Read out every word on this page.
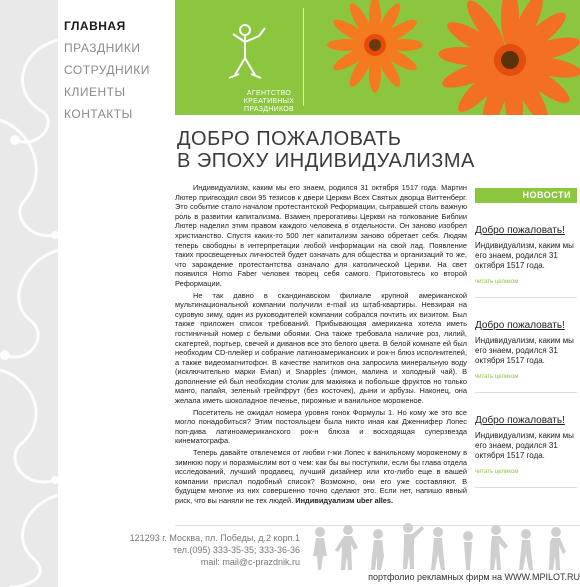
ГЛАВНАЯ
ПРАЗДНИКИ
СОТРУДНИКИ
КЛИЕНТЫ
КОНТАКТЫ
АГЕНТСТВО
КРЕАТИВНЫХ
ПРАЗДНИКОВ
ДОБРО ПОЖАЛОВАТЬ
В ЭПОХУ ИНДИВИДУАЛИЗМА

Индивидуализм, каким мы его знаем, родился 31 октября 1517 года. Мартин Лютер пригвоздил свои 95 тезисов к двери Церкви Всех Святых дворца Виттенберг. Это событие стало началом протестантской Реформации, сыгравшей столь важную роль в развитии капитализма. Взамен прерогативы Церкви на толкование Библии Лютер наделил этим правом каждого человека в отдельности. Он заново изобрел христианство. Спустя каких-то 500 лет капитализм заново обретает себя. Людям теперь свободны в интерпретации любой информации на свой лад. Появление таких просвещенных личностей будет означать для общества и организаций то же, что зарождение протестантства означало для католической Церкви. На свет появился Homo Faber человек творец себя самого. Приготовьтесь ко второй Реформации.

Не так давно в скандинавском филиале крупной американской мультинациональной компании получили e-mail из штаб-квартиры. Невзирая на суровую зиму, один из руководителей компании собрался почтить их визитом. Был также приложен список требований. Прибывающая американка хотела иметь гостиничный номер с белыми обоями. Она также требовала наличие роз, лилий, скатертей, портьер, свечей и диванов все это белого цвета. В белой комнате ей был необходим CD-плейер и собрание латиноамериканских и рок-н блюз исполнителей, а также видеомагнитофон. В качестве напитков она запросила минеральную воду (исключительно марки Evian) и Snapples (лимон, малина и холодный чай). В дополнение ей был необходим столик для макияжа и побольше фруктов но только манго, папайя, зеленый грейпфрут (без косточек), дыни и арбузы. Наконец, она желала иметь шоколадное печенье, пирожные и ванильное мороженое.

Посетитель не ожидал номера уровня гонок Формулы 1. Но кому же это все могло понадобиться? Этим постояльцем была никто иная как Дженнифер Лопес поп-дива латиноамериканского рок-н блюза и восходящая суперзвезда кинематографа.

Теперь давайте отвлечемся от любви г-жи Лопес к ванильному мороженому в зимнюю пору и поразмыслим вот о чем: как бы вы поступили, если бы глава отдела исследований, лучший продавец, лучший дизайнер или кто-либо еще в вашей компании прислал подобный список? Возможно, они его уже составляют. В будущем многие из них совершенно точно сделают это. Если нет, напишо явный риск, что вы наняли не тех людей. Индивидуализм uber alles.

НОВОСТИ
Добро пожаловать!
Индивидуализм, каким мы его знаем, родился 31 октября 1517 года.
читать целиком
Добро пожаловать!
Индивидуализм, каким мы его знаем, родился 31 октября 1517 года.
читать целиком
Добро пожаловать!
Индивидуализм, каким мы его знаем, родился 31 октября 1517 года.
читать целиком
121293 г. Москва, пл. Победы, д.2 корп.1
тел.(095) 333-35-35; 333-36-36
mail: mail@c-prazdnik.ru
портфолио рекламных фирм на WWW.MPILOT.RU
